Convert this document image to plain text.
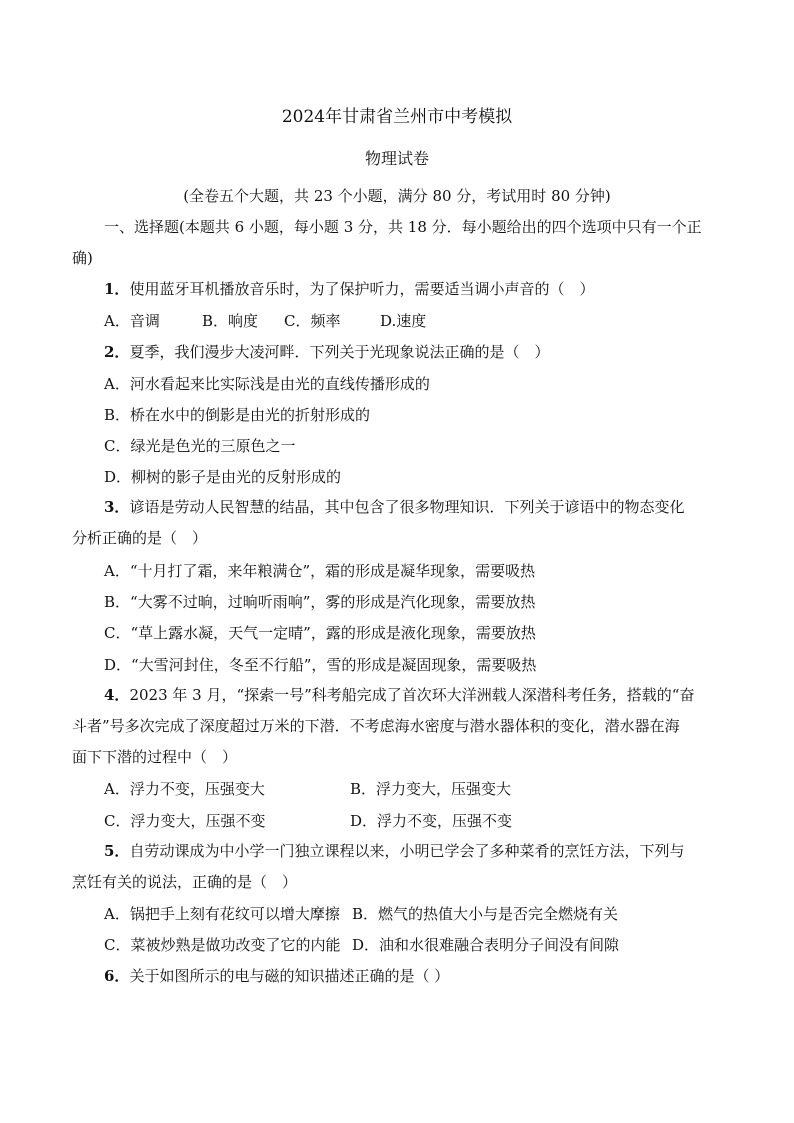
2024年甘肃省兰州市中考模拟
物理试卷
(全卷五个大题，共 23 个小题，满分 80 分，考试用时 80 分钟)
一、选择题(本题共 6 小题，每小题 3 分，共 18 分．每小题给出的四个选项中只有一个正
确)
1．使用蓝牙耳机播放音乐时，为了保护听力，需要适当调小声音的（　）
A．音调	B．响度 C．频率	D.速度
2．夏季，我们漫步大凌河畔．下列关于光现象说法正确的是（　）
A．河水看起来比实际浅是由光的直线传播形成的
B．桥在水中的倒影是由光的折射形成的
C．绿光是色光的三原色之一
D．柳树的影子是由光的反射形成的
3．谚语是劳动人民智慧的结晶，其中包含了很多物理知识．下列关于谚语中的物态变化
分析正确的是（　）
A．“十月打了霜，来年粮满仓”，霜的形成是凝华现象，需要吸热
B．“大雾不过晌，过晌听雨响”，雾的形成是汽化现象，需要放热
C．“草上露水凝，天气一定晴”，露的形成是液化现象，需要放热
D．“大雪河封住，冬至不行船”，雪的形成是凝固现象，需要吸热
4．2023 年 3 月，“探索一号”科考船完成了首次环大洋洲载人深潜科考任务，搭载的“奋
斗者”号多次完成了深度超过万米的下潜．不考虑海水密度与潜水器体积的变化，潜水器在海
面下下潜的过程中（　）
A．浮力不变，压强变大	B．浮力变大，压强变大
C．浮力变大，压强不变	D．浮力不变，压强不变
5．自劳动课成为中小学一门独立课程以来，小明已学会了多种菜肴的烹饪方法，下列与
烹饪有关的说法，正确的是（　）
A．锅把手上刻有花纹可以增大摩擦 B．燃气的热值大小与是否完全燃烧有关
C．菜被炒熟是做功改变了它的内能 D．油和水很难融合表明分子间没有间隙
6．关于如图所示的电与磁的知识描述正确的是（ ）
